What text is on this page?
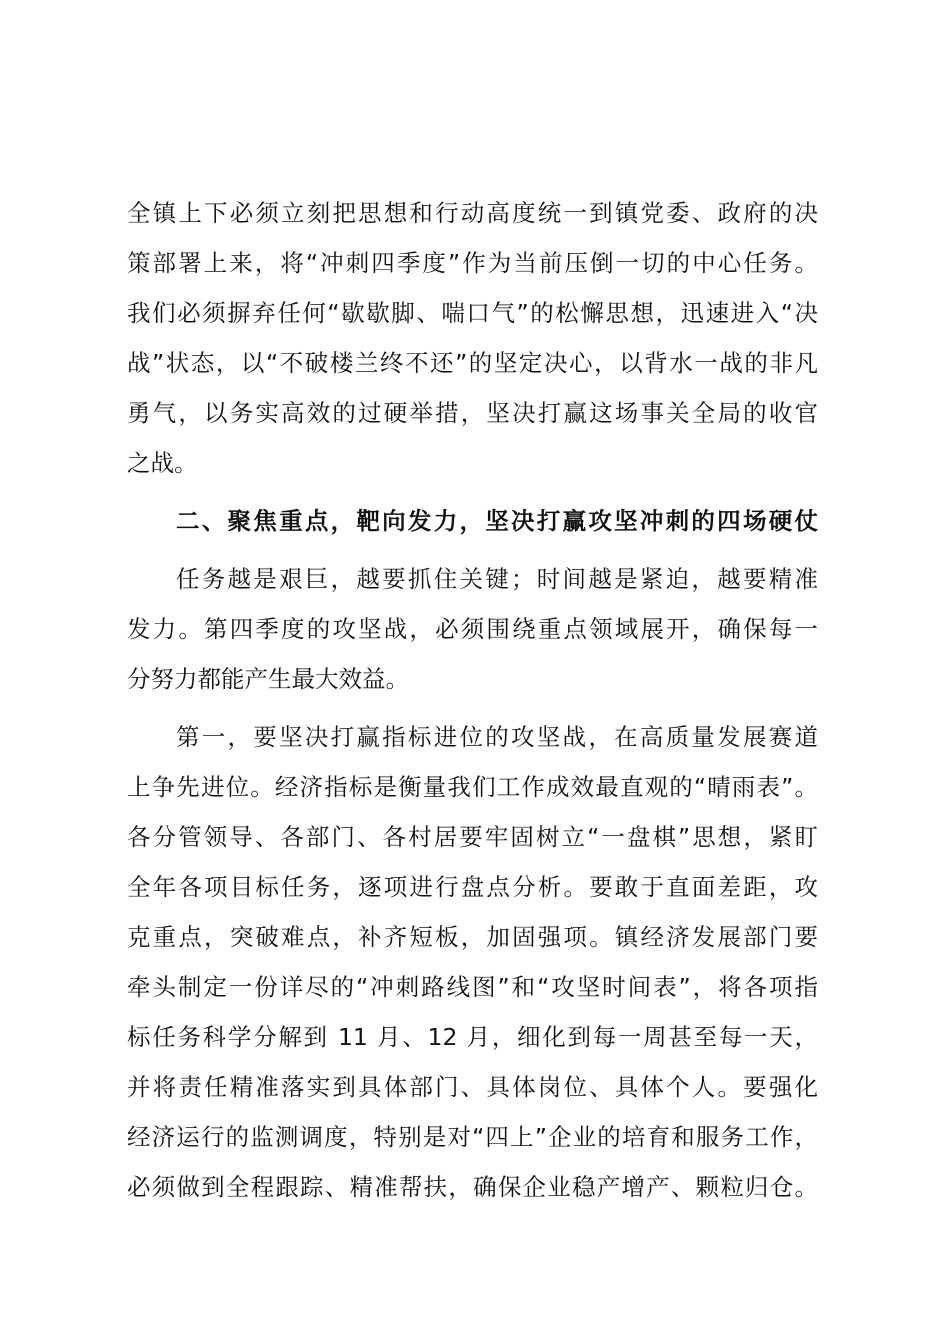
全镇上下必须立刻把思想和行动高度统一到镇党委、政府的决
策部署上来，将“冲刺四季度”作为当前压倒一切的中心任务。
我们必须摒弃任何“歇歇脚、喘口气”的松懈思想，迅速进入“决
战”状态，以“不破楼兰终不还”的坚定决心，以背水一战的非凡
勇气，以务实高效的过硬举措，坚决打赢这场事关全局的收官
之战。
二、聚焦重点，靶向发力，坚决打赢攻坚冲刺的四场硬仗
任务越是艰巨，越要抓住关键；时间越是紧迫，越要精准
发力。第四季度的攻坚战，必须围绕重点领域展开，确保每一
分努力都能产生最大效益。
第一，要坚决打赢指标进位的攻坚战，在高质量发展赛道
上争先进位。经济指标是衡量我们工作成效最直观的“晴雨表”。
各分管领导、各部门、各村居要牢固树立“一盘棋”思想，紧盯
全年各项目标任务，逐项进行盘点分析。要敢于直面差距，攻
克重点，突破难点，补齐短板，加固强项。镇经济发展部门要
牵头制定一份详尽的“冲刺路线图”和“攻坚时间表”，将各项指
标任务科学分解到 11 月、12 月，细化到每一周甚至每一天，
并将责任精准落实到具体部门、具体岗位、具体个人。要强化
经济运行的监测调度，特别是对“四上”企业的培育和服务工作，
必须做到全程跟踪、精准帮扶，确保企业稳产增产、颗粒归仓。
